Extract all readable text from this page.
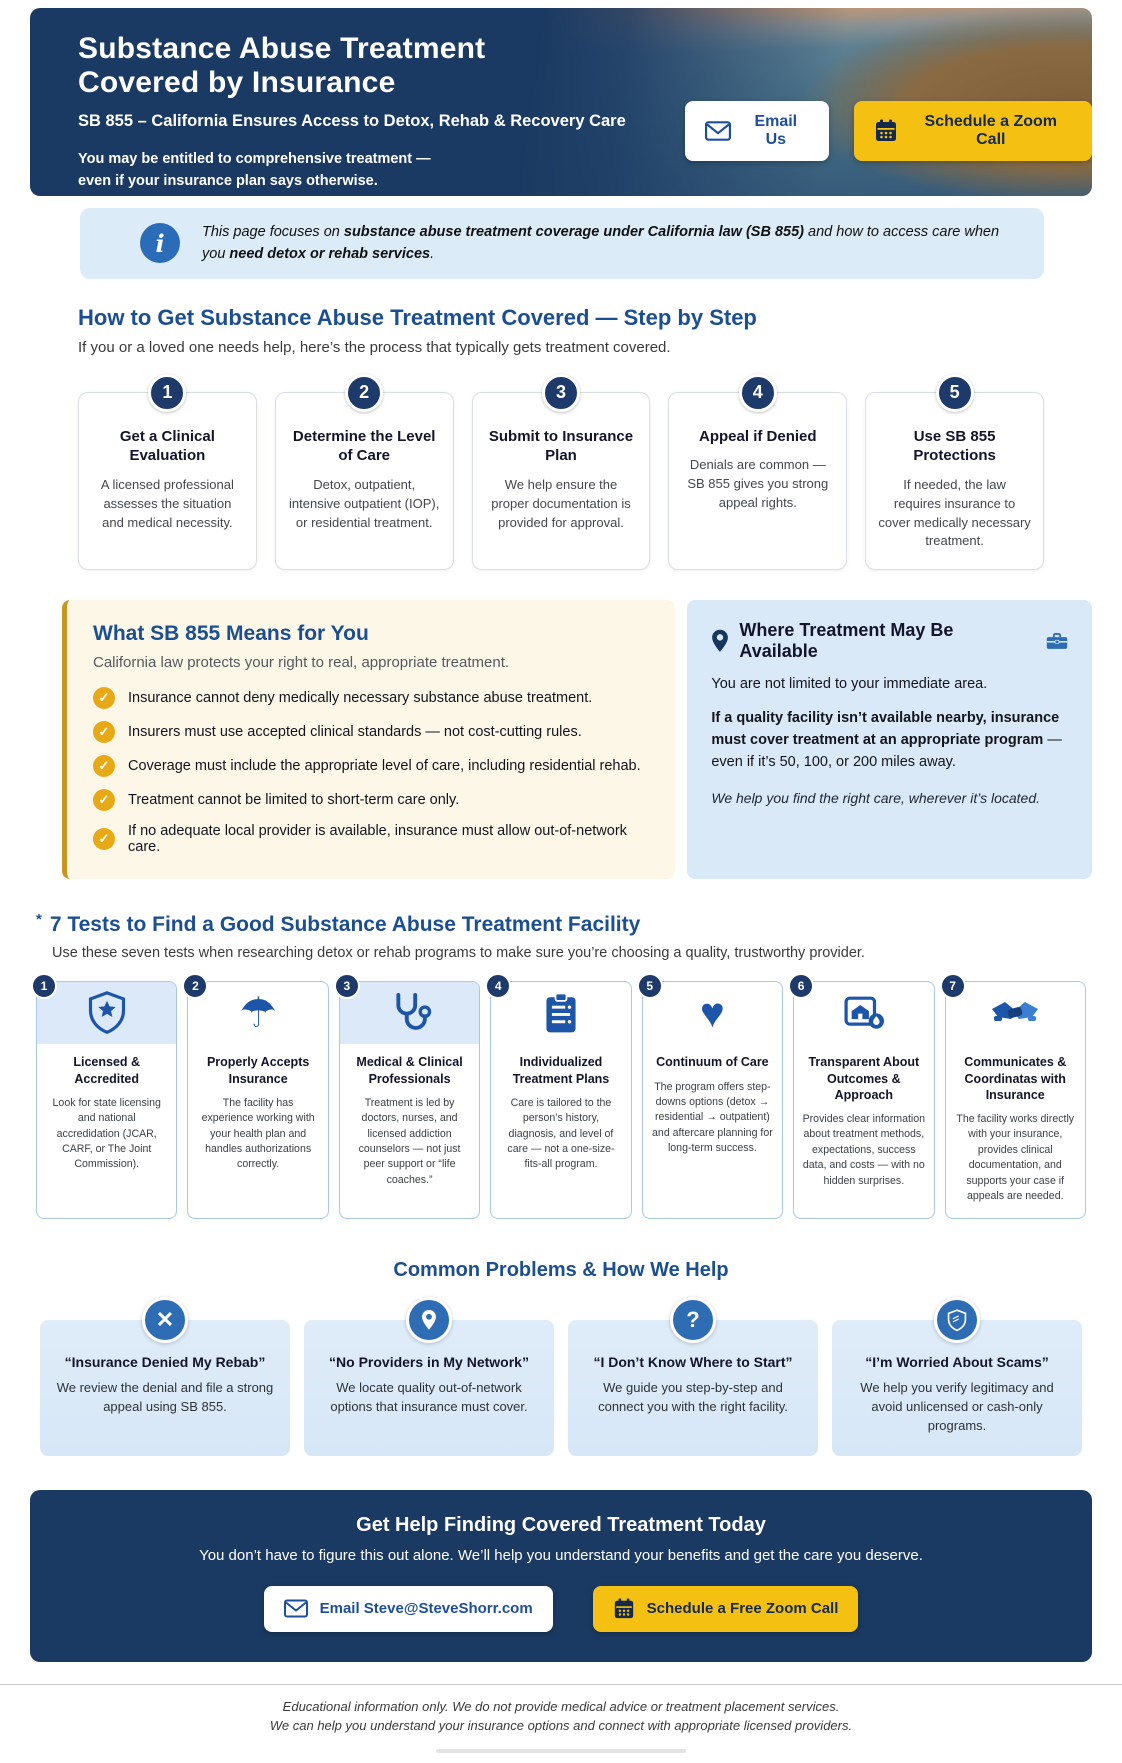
Substance Abuse Treatment
Covered by Insurance
SB 855 – California Ensures Access to Detox, Rehab & Recovery Care
You may be entitled to comprehensive treatment —
even if your insurance plan says otherwise.
Email Us
Schedule a Zoom Call
i	This page focuses on substance abuse treatment coverage under California law (SB 855) and how to access care when you need detox or rehab services.

How to Get Substance Abuse Treatment Covered — Step by Step

If you or a loved one needs help, here’s the process that typically gets treatment covered.

1
Get a Clinical Evaluation

A licensed professional assesses the situation and medical necessity.

2
Determine the Level of Care

Detox, outpatient, intensive outpatient (IOP), or residential treatment.

3
Submit to Insurance Plan

We help ensure the proper documentation is provided for approval.

4
Appeal if Denied

Denials are common — SB 855 gives you strong appeal rights.

5
Use SB 855 Protections

If needed, the law requires insurance to cover medically necessary treatment.

What SB 855 Means for You

California law protects your right to real, appropriate treatment.

✓	Insurance cannot deny medically necessary substance abuse treatment.
✓	Insurers must use accepted clinical standards — not cost-cutting rules.
✓	Coverage must include the appropriate level of care, including residential rehab.
✓	Treatment cannot be limited to short-term care only.
✓	If no adequate local provider is available, insurance must allow out-of-network care.
Where Treatment May Be Available

You are not limited to your immediate area.

If a quality facility isn’t available nearby, insurance must cover treatment at an appropriate program — even if it’s 50, 100, or 200 miles away.

We help you find the right care, wherever it’s located.

* 7 Tests to Find a Good Substance Abuse Treatment Facility

Use these seven tests when researching detox or rehab programs to make sure you’re choosing a quality, trustworthy provider.

1
Licensed & Accredited

Look for state licensing and national accredidation (JCAR, CARF, or The Joint Commission).

2
☂
Properly Accepts Insurance

The facility has experience working with your health plan and handles authorizations correctly.

3
Medical & Clinical Professionals

Treatment is led by doctors, nurses, and licensed addiction counselors — not just peer support or “life coaches.”

4
Individualized Treatment Plans

Care is tailored to the person’s history, diagnosis, and level of care — not a one-size-fits-all program.

5
♥
Continuum of Care

The program offers step-downs options (detox → residential → outpatient) and aftercare planning for long-term success.

6
Transparent About Outcomes & Approach

Provides clear information about treatment methods, expectations, success data, and costs — with no hidden surprises.

7
Communicates & Coordinatas with Insurance

The facility works directly with your insurance, provides clinical documentation, and supports your case if appeals are needed.

Common Problems & How We Help
✕
“Insurance Denied My Rebab”

We review the denial and file a strong appeal using SB 855.

“No Providers in My Network”

We locate quality out-of-network options that insurance must cover.

?
“I Don’t Know Where to Start”

We guide you step-by-step and connect you with the right facility.

“I’m Worried About Scams”

We help you verify legitimacy and avoid unlicensed or cash-only programs.

Get Help Finding Covered Treatment Today

You don’t have to figure this out alone. We’ll help you understand your benefits and get the care you deserve.

Email Steve@SteveShorr.com	Schedule a Free Zoom Call

Educational information only. We do not provide medical advice or treatment placement services.

We can help you understand your insurance options and connect with appropriate licensed providers.
